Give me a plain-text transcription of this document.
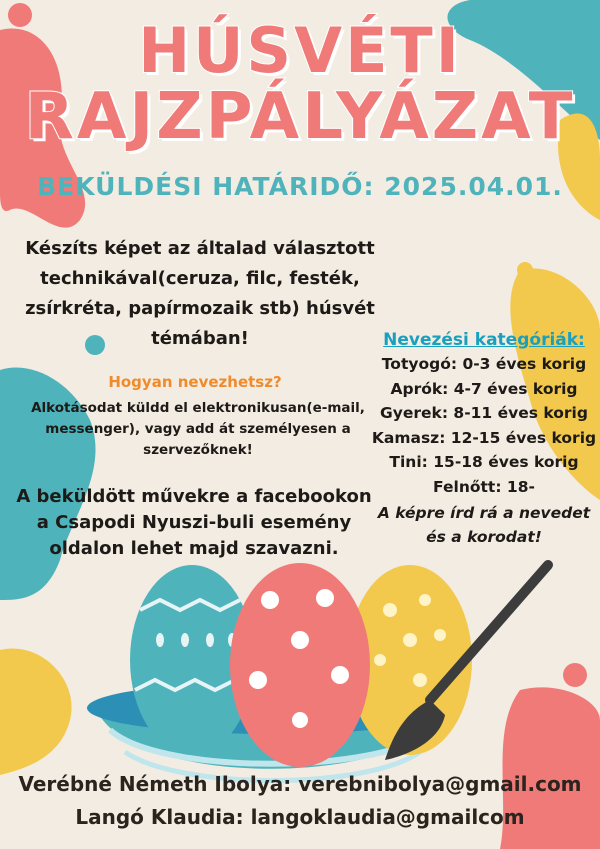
HÚSVÉTI
RAJZPÁLYÁZAT
BEKÜLDÉSI HATÁRIDŐ: 2025.04.01.
Készíts képet az általad választott technikával(ceruza, filc, festék, zsírkréta, papírmozaik stb) húsvét témában!
Hogyan nevezhetsz?
Alkotásodat küldd el elektronikusan(e-mail, messenger), vagy add át személyesen a szervezőknek!
A beküldött művekre a facebookon a Csapodi Nyuszi-buli esemény oldalon lehet majd szavazni.
Nevezési kategóriák:
Totyogó: 0-3 éves korig
Aprók: 4-7 éves korig
Gyerek: 8-11 éves korig
Kamasz: 12-15 éves korig
Tini: 15-18 éves korig
Felnőtt: 18-
A képre írd rá a nevedet és a korodat!
Verébné Németh Ibolya: verebnibolya@gmail.com
Langó Klaudia: langoklaudia@gmailcom
